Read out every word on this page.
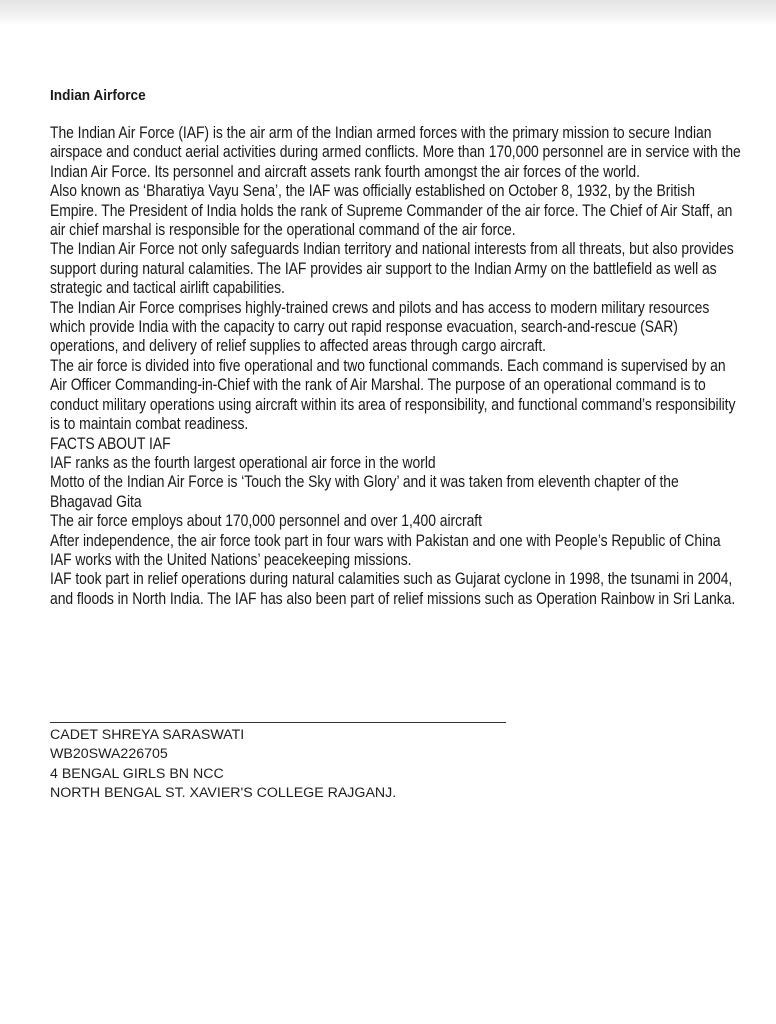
Indian Airforce

The Indian Air Force (IAF) is the air arm of the Indian armed forces with the primary mission to secure Indian airspace and conduct aerial activities during armed conflicts. More than 170,000 personnel are in service with the Indian Air Force. Its personnel and aircraft assets rank fourth amongst the air forces of the world.

Also known as ‘Bharatiya Vayu Sena’, the IAF was officially established on October 8, 1932, by the British Empire. The President of India holds the rank of Supreme Commander of the air force. The Chief of Air Staff, an air chief marshal is responsible for the operational command of the air force.

The Indian Air Force not only safeguards Indian territory and national interests from all threats, but also provides support during natural calamities. The IAF provides air support to the Indian Army on the battlefield as well as strategic and tactical airlift capabilities.

The Indian Air Force comprises highly-trained crews and pilots and has access to modern military resources which provide India with the capacity to carry out rapid response evacuation, search-and-rescue (SAR) operations, and delivery of relief supplies to affected areas through cargo aircraft.

The air force is divided into five operational and two functional commands. Each command is supervised by an Air Officer Commanding-in-Chief with the rank of Air Marshal. The purpose of an operational command is to conduct military operations using aircraft within its area of responsibility, and functional command’s responsibility is to maintain combat readiness.

FACTS ABOUT IAF

IAF ranks as the fourth largest operational air force in the world

Motto of the Indian Air Force is ‘Touch the Sky with Glory’ and it was taken from eleventh chapter of the Bhagavad Gita

The air force employs about 170,000 personnel and over 1,400 aircraft

After independence, the air force took part in four wars with Pakistan and one with People’s Republic of China

IAF works with the United Nations’ peacekeeping missions.

IAF took part in relief operations during natural calamities such as Gujarat cyclone in 1998, the tsunami in 2004, and floods in North India. The IAF has also been part of relief missions such as Operation Rainbow in Sri Lanka.

CADET SHREYA SARASWATI
WB20SWA226705
4 BENGAL GIRLS BN NCC
NORTH BENGAL ST. XAVIER'S COLLEGE RAJGANJ.
